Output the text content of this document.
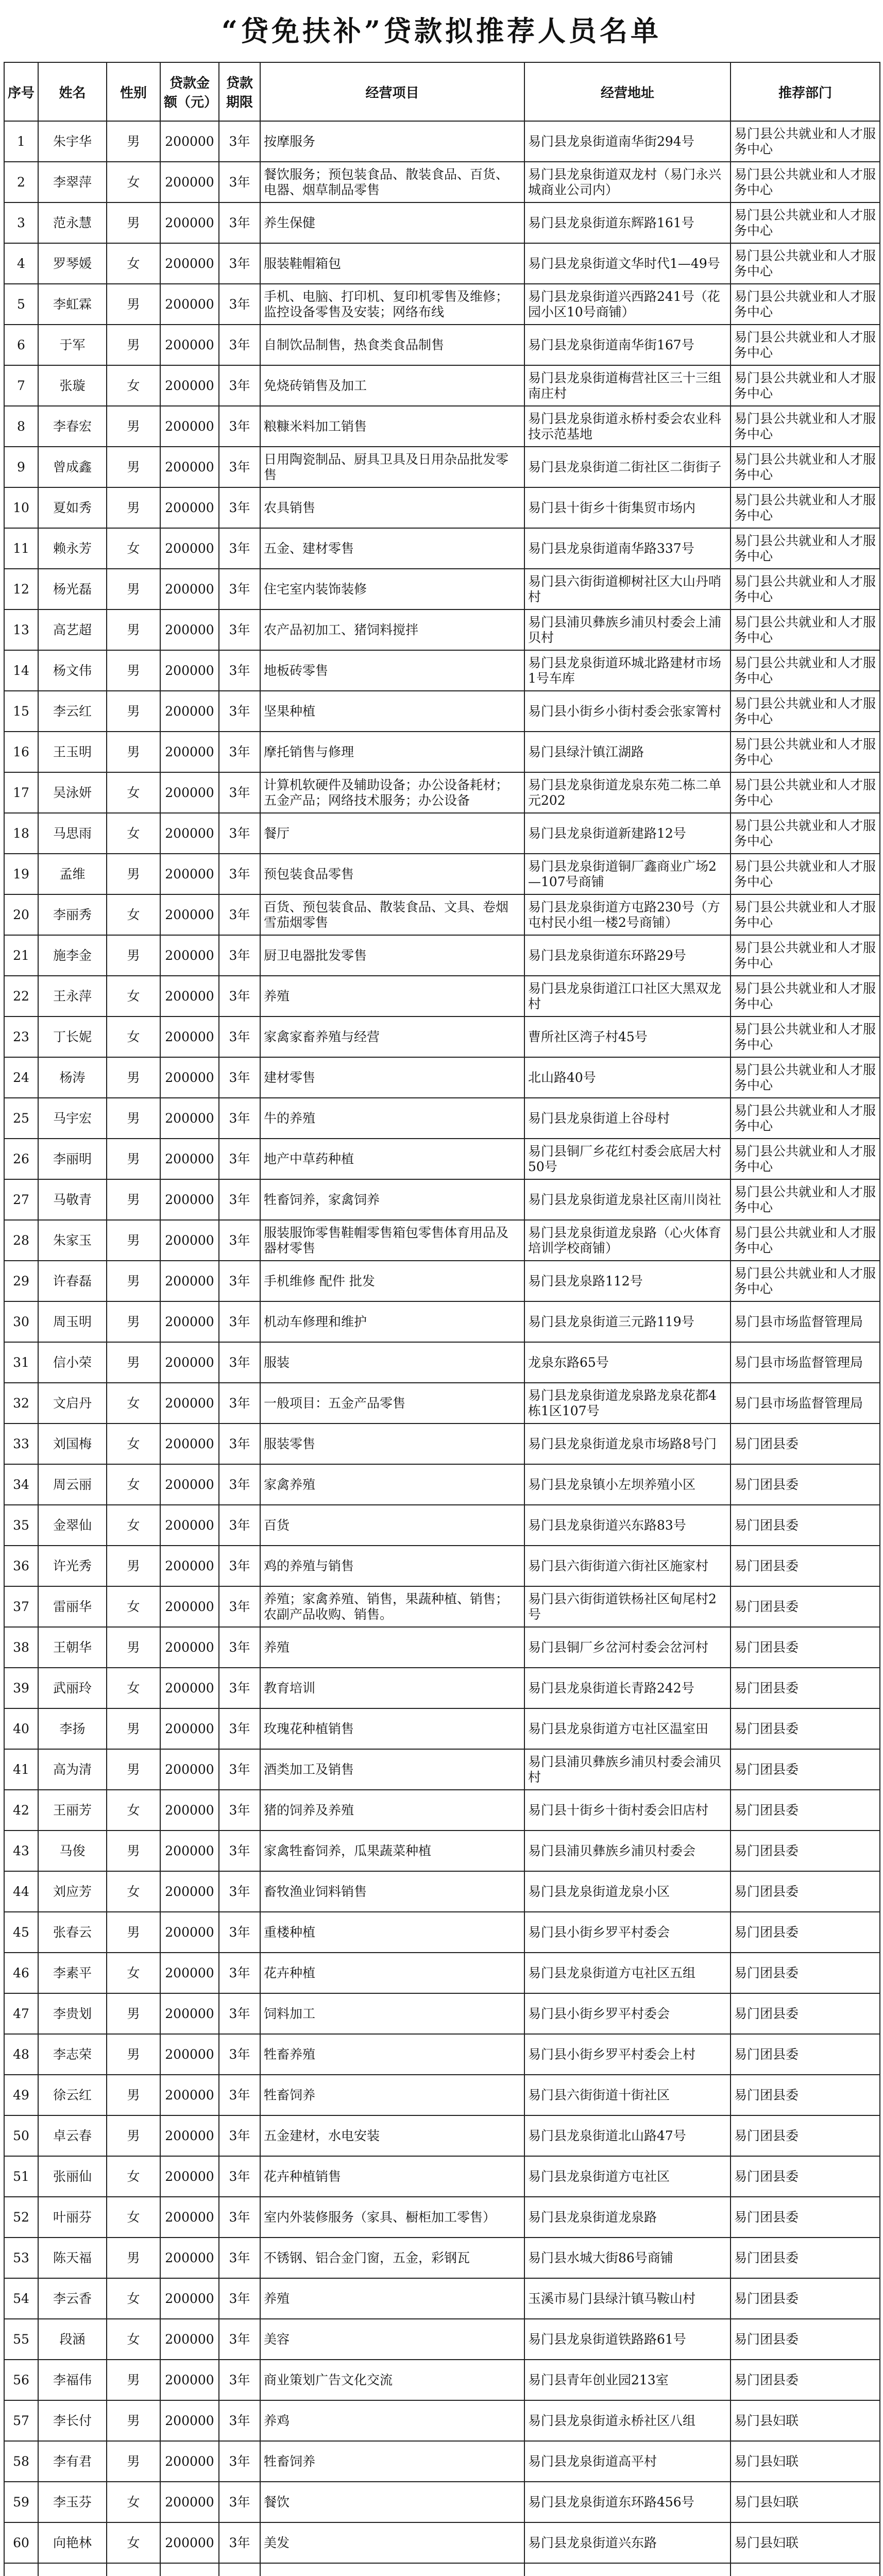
“贷免扶补”贷款拟推荐人员名单
序号	姓名	性别	贷款金额（元）	贷款期限	经营项目	经营地址	推荐部门
1	朱宇华	男	200000	3年	按摩服务	易门县龙泉街道南华街294号	易门县公共就业和人才服务中心
2	李翠萍	女	200000	3年	餐饮服务；预包装食品、散装食品、百货、电器、烟草制品零售	易门县龙泉街道双龙村（易门永兴城商业公司内）	易门县公共就业和人才服务中心
3	范永慧	男	200000	3年	养生保健	易门县龙泉街道东辉路161号	易门县公共就业和人才服务中心
4	罗琴媛	女	200000	3年	服装鞋帽箱包	易门县龙泉街道文华时代1—49号	易门县公共就业和人才服务中心
5	李虹霖	男	200000	3年	手机、电脑、打印机、复印机零售及维修；监控设备零售及安装；网络布线	易门县龙泉街道兴西路241号（花园小区10号商铺）	易门县公共就业和人才服务中心
6	于军	男	200000	3年	自制饮品制售，热食类食品制售	易门县龙泉街道南华街167号	易门县公共就业和人才服务中心
7	张璇	女	200000	3年	免烧砖销售及加工	易门县龙泉街道梅营社区三十三组南庄村	易门县公共就业和人才服务中心
8	李春宏	男	200000	3年	粮糠米料加工销售	易门县龙泉街道永桥村委会农业科技示范基地	易门县公共就业和人才服务中心
9	曾成鑫	男	200000	3年	日用陶瓷制品、厨具卫具及日用杂品批发零售	易门县龙泉街道二街社区二街街子	易门县公共就业和人才服务中心
10	夏如秀	男	200000	3年	农具销售	易门县十街乡十街集贸市场内	易门县公共就业和人才服务中心
11	赖永芳	女	200000	3年	五金、建材零售	易门县龙泉街道南华路337号	易门县公共就业和人才服务中心
12	杨光磊	男	200000	3年	住宅室内装饰装修	易门县六街街道柳树社区大山丹哨村	易门县公共就业和人才服务中心
13	高艺超	男	200000	3年	农产品初加工、猪饲料搅拌	易门县浦贝彝族乡浦贝村委会上浦贝村	易门县公共就业和人才服务中心
14	杨文伟	男	200000	3年	地板砖零售	易门县龙泉街道环城北路建材市场1号车库	易门县公共就业和人才服务中心
15	李云红	男	200000	3年	坚果种植	易门县小街乡小街村委会张家箐村	易门县公共就业和人才服务中心
16	王玉明	男	200000	3年	摩托销售与修理	易门县绿汁镇江湖路	易门县公共就业和人才服务中心
17	吴泳妍	女	200000	3年	计算机软硬件及辅助设备；办公设备耗材；五金产品；网络技术服务；办公设备	易门县龙泉街道龙泉东苑二栋二单元202	易门县公共就业和人才服务中心
18	马思雨	女	200000	3年	餐厅	易门县龙泉街道新建路12号	易门县公共就业和人才服务中心
19	孟维	男	200000	3年	预包装食品零售	易门县龙泉街道铜厂鑫商业广场2—107号商铺	易门县公共就业和人才服务中心
20	李丽秀	女	200000	3年	百货、预包装食品、散装食品、文具、卷烟雪茄烟零售	易门县龙泉街道方屯路230号（方屯村民小组一楼2号商铺）	易门县公共就业和人才服务中心
21	施李金	男	200000	3年	厨卫电器批发零售	易门县龙泉街道东环路29号	易门县公共就业和人才服务中心
22	王永萍	女	200000	3年	养殖	易门县龙泉街道江口社区大黑双龙村	易门县公共就业和人才服务中心
23	丁长妮	女	200000	3年	家禽家畜养殖与经营	曹所社区湾子村45号	易门县公共就业和人才服务中心
24	杨涛	男	200000	3年	建材零售	北山路40号	易门县公共就业和人才服务中心
25	马宇宏	男	200000	3年	牛的养殖	易门县龙泉街道上谷母村	易门县公共就业和人才服务中心
26	李丽明	男	200000	3年	地产中草药种植	易门县铜厂乡花红村委会底居大村50号	易门县公共就业和人才服务中心
27	马敬青	男	200000	3年	牲畜饲养，家禽饲养	易门县龙泉街道龙泉社区南川岗社	易门县公共就业和人才服务中心
28	朱家玉	男	200000	3年	服装服饰零售鞋帽零售箱包零售体育用品及器材零售	易门县龙泉街道龙泉路（心火体育培训学校商铺）	易门县公共就业和人才服务中心
29	许春磊	男	200000	3年	手机维修 配件 批发	易门县龙泉路112号	易门县公共就业和人才服务中心
30	周玉明	男	200000	3年	机动车修理和维护	易门县龙泉街道三元路119号	易门县市场监督管理局
31	信小荣	男	200000	3年	服装	龙泉东路65号	易门县市场监督管理局
32	文启丹	女	200000	3年	一般项目：五金产品零售	易门县龙泉街道龙泉路龙泉花都4栋1区107号	易门县市场监督管理局
33	刘国梅	女	200000	3年	服装零售	易门县龙泉街道龙泉市场路8号门	易门团县委
34	周云丽	女	200000	3年	家禽养殖	易门县龙泉镇小左坝养殖小区	易门团县委
35	金翠仙	女	200000	3年	百货	易门县龙泉街道兴东路83号	易门团县委
36	许光秀	男	200000	3年	鸡的养殖与销售	易门县六街街道六街社区施家村	易门团县委
37	雷丽华	女	200000	3年	养殖；家禽养殖、销售，果蔬种植、销售；农副产品收购、销售。	易门县六街街道铁杨社区甸尾村2号	易门团县委
38	王朝华	男	200000	3年	养殖	易门县铜厂乡岔河村委会岔河村	易门团县委
39	武丽玲	女	200000	3年	教育培训	易门县龙泉街道长青路242号	易门团县委
40	李扬	男	200000	3年	玫瑰花种植销售	易门县龙泉街道方屯社区温室田	易门团县委
41	高为清	男	200000	3年	酒类加工及销售	易门县浦贝彝族乡浦贝村委会浦贝村	易门团县委
42	王丽芳	女	200000	3年	猪的饲养及养殖	易门县十街乡十街村委会旧店村	易门团县委
43	马俊	男	200000	3年	家禽牲畜饲养，瓜果蔬菜种植	易门县浦贝彝族乡浦贝村委会	易门团县委
44	刘应芳	女	200000	3年	畜牧渔业饲料销售	易门县龙泉街道龙泉小区	易门团县委
45	张春云	男	200000	3年	重楼种植	易门县小街乡罗平村委会	易门团县委
46	李素平	女	200000	3年	花卉种植	易门县龙泉街道方屯社区五组	易门团县委
47	李贵划	男	200000	3年	饲料加工	易门县小街乡罗平村委会	易门团县委
48	李志荣	男	200000	3年	牲畜养殖	易门县小街乡罗平村委会上村	易门团县委
49	徐云红	男	200000	3年	牲畜饲养	易门县六街街道十街社区	易门团县委
50	卓云春	男	200000	3年	五金建材，水电安装	易门县龙泉街道北山路47号	易门团县委
51	张丽仙	女	200000	3年	花卉种植销售	易门县龙泉街道方屯社区	易门团县委
52	叶丽芬	女	200000	3年	室内外装修服务（家具、橱柜加工零售）	易门县龙泉街道龙泉路	易门团县委
53	陈天福	男	200000	3年	不锈钢、铝合金门窗，五金，彩钢瓦	易门县水城大街86号商铺	易门团县委
54	李云香	女	200000	3年	养殖	玉溪市易门县绿汁镇马鞍山村	易门团县委
55	段涵	女	200000	3年	美容	易门县龙泉街道铁路路61号	易门团县委
56	李福伟	男	200000	3年	商业策划广告文化交流	易门县青年创业园213室	易门团县委
57	李长付	男	200000	3年	养鸡	易门县龙泉街道永桥社区八组	易门县妇联
58	李有君	男	200000	3年	牲畜饲养	易门县龙泉街道高平村	易门县妇联
59	李玉芬	女	200000	3年	餐饮	易门县龙泉街道东环路456号	易门县妇联
60	向艳林	女	200000	3年	美发	易门县龙泉街道兴东路	易门县妇联
